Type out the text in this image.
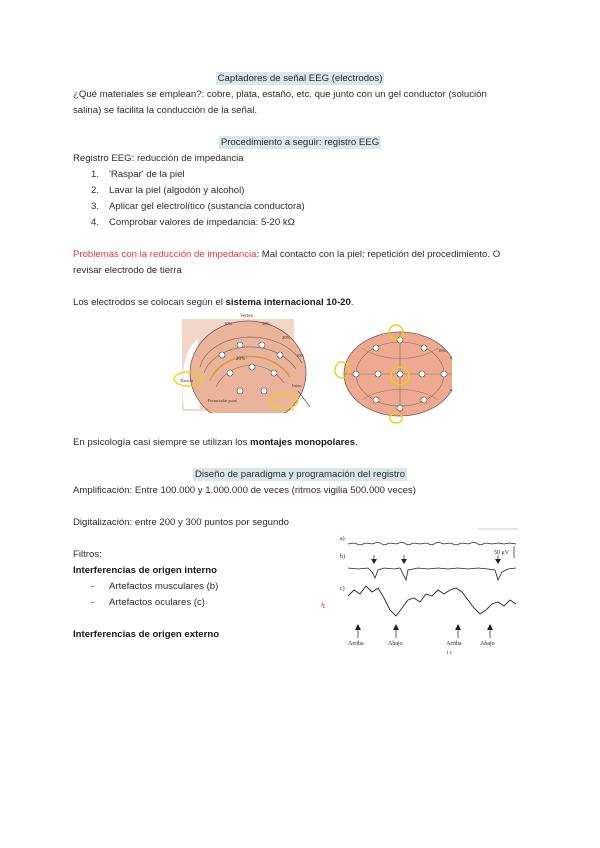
Captadores de señal EEG (electrodos)
¿Qué materiales se emplean?: cobre, plata, estaño, etc. que junto con un gel conductor (solución
salina) se facilita la conducción de la señal.
Procedimiento a seguir: registro EEG
Registro EEG: reducción de impedancia
1. 'Raspar' de la piel
2. Lavar la piel (algodón y alcohol)
3. Aplicar gel electrolítico (sustancia conductora)
4. Comprobar valores de impedancia: 5-20 kΩ
Problemas con la reducción de impedancia: Mal contacto con la piel: repetición del procedimiento. O
revisar electrodo de tierra
Los electrodos se colocan según el sistema internacional 10-20.
Vertex
10%	20%
20%
20%
10%
Nasion
Inion
Preauricular point
10%
En psicología casi siempre se utilizan los montajes monopolares.
Diseño de paradigma y programación del registro
Amplificación: Entre 100.000 y 1.000.000 de veces (ritmos vigilia 500.000 veces)
Digitalización: entre 200 y 300 puntos por segundo
Filtros:
Interferencias de origen interno
- Artefactos musculares (b)
- Artefactos oculares (c)
Interferencias de origen externo
a)
b)
50 μV
c)
↯
Arriba	Abajo	Arriba	Abajo
1 s
